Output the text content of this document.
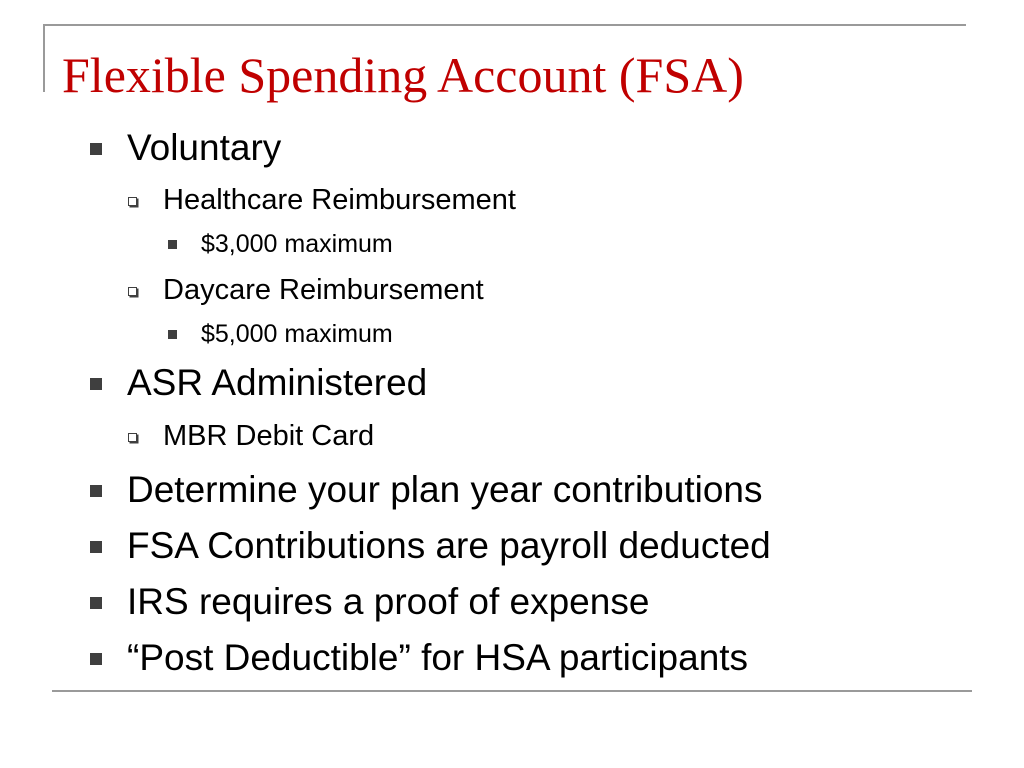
Flexible Spending Account (FSA)
Voluntary
Healthcare Reimbursement
$3,000 maximum
Daycare Reimbursement
$5,000 maximum
ASR Administered
MBR Debit Card
Determine your plan year contributions
FSA Contributions are payroll deducted
IRS requires a proof of expense
“Post Deductible” for HSA participants
